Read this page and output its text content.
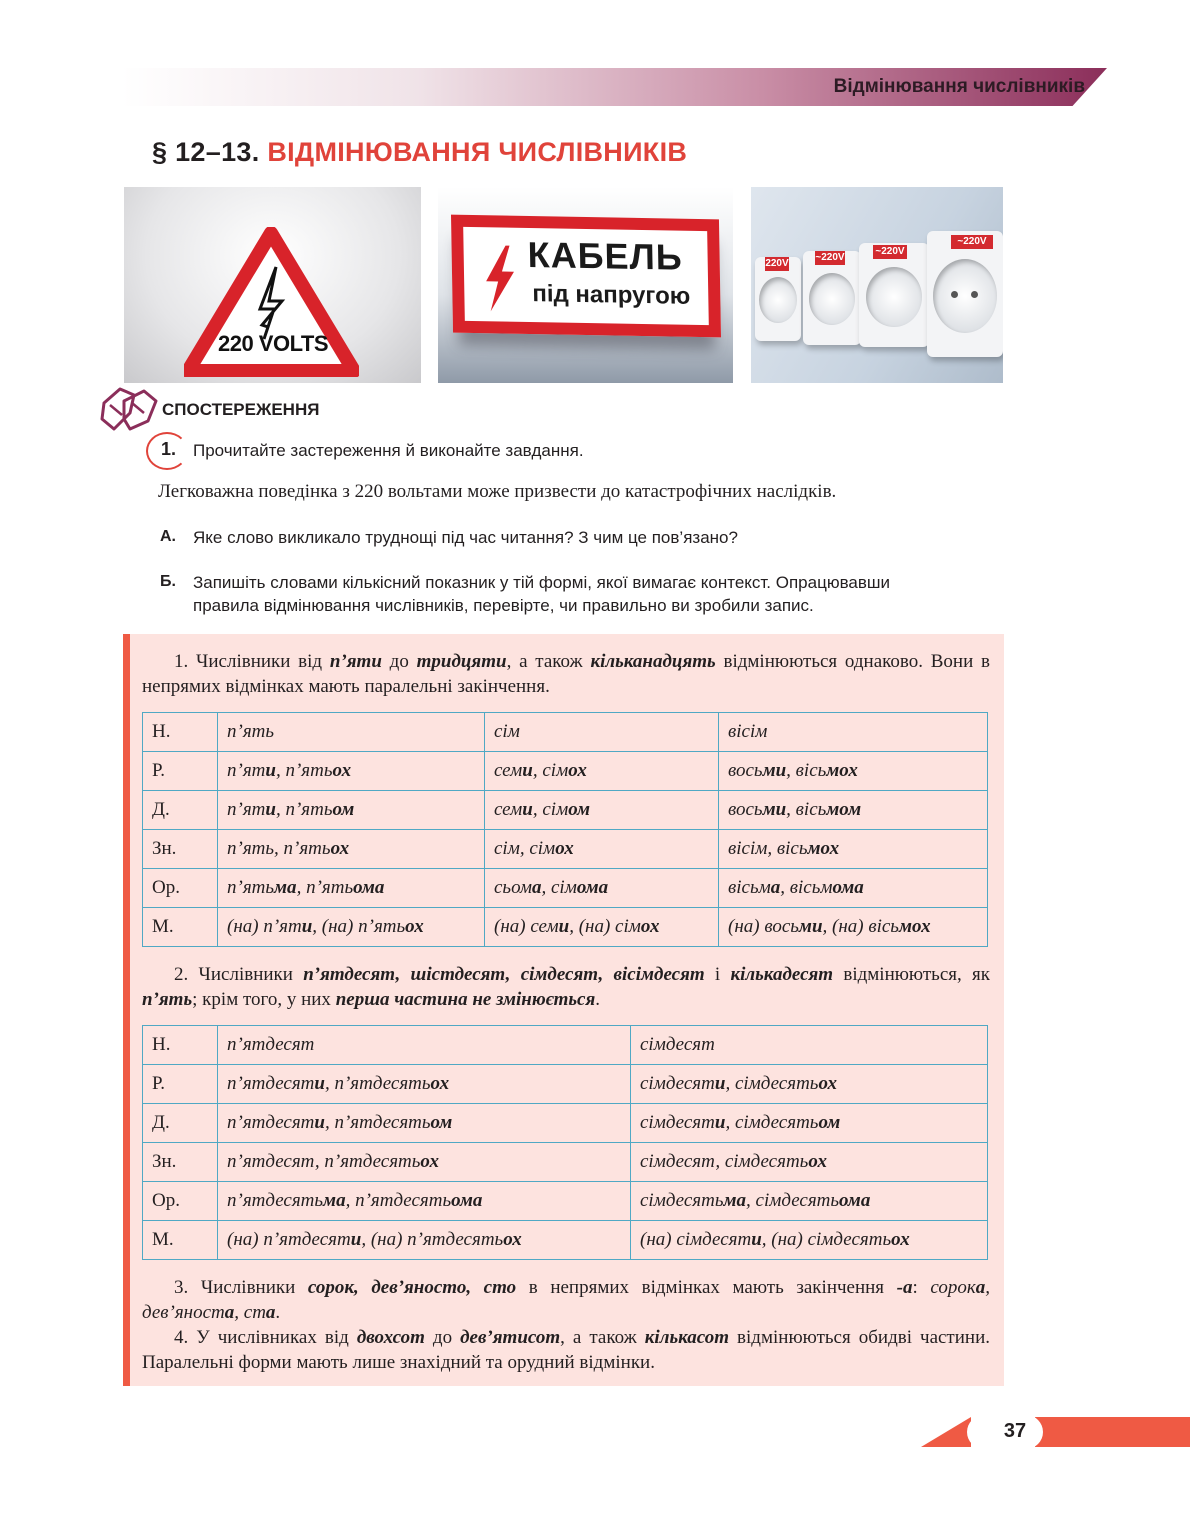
Відмінювання числівників
§ 12–13. ВІДМІНЮВАННЯ ЧИСЛІВНИКІВ
220 VOLTS
КАБЕЛЬ
під напругою
220V
~220V
~220V
~220V
СПОСТЕРЕЖЕННЯ
1. Прочитайте застереження й виконайте завдання.
Легковажна поведінка з 220 вольтами може призвести до катастрофічних наслідків.
А. Яке слово викликало труднощі під час читання? З чим це пов’язано?
Б. Запишіть словами кількісний показник у тій формі, якої вимагає контекст. Опрацювавши
правила відмінювання числівників, перевірте, чи правильно ви зробили запис.
1. Числівники від п’яти до тридцяти, а також кільканадцять відмінюються однаково. Вони в непрямих відмінках мають паралельні закінчення.
Н.	п’ять	сім	вісім
Р.	п’яти, п’ятьох	семи, сімох	восьми, вісьмох
Д.	п’яти, п’ятьом	семи, сімом	восьми, вісьмом
Зн.	п’ять, п’ятьох	сім, сімох	вісім, вісьмох
Ор.	п’ятьма, п’ятьома	сьома, сімома	вісьма, вісьмома
М.	(на) п’яти, (на) п’ятьох	(на) семи, (на) сімох	(на) восьми, (на) вісьмох
2. Числівники п’ятдесят, шістдесят, сімдесят, вісімдесят і кількадесят відмінюються, як п’ять; крім того, у них перша частина не змінюється.
Н.	п’ятдесят	сімдесят
Р.	п’ятдесяти, п’ятдесятьох	сімдесяти, сімдесятьох
Д.	п’ятдесяти, п’ятдесятьом	сімдесяти, сімдесятьом
Зн.	п’ятдесят, п’ятдесятьох	сімдесят, сімдесятьох
Ор.	п’ятдесятьма, п’ятдесятьома	сімдесятьма, сімдесятьома
М.	(на) п’ятдесяти, (на) п’ятдесятьох	(на) сімдесяти, (на) сімдесятьох
3. Числівники сорок, дев’яносто, сто в непрямих відмінках мають закінчення -а: сорока, дев’яноста, ста.
4. У числівниках від двохсот до дев’ятисот, а також кількасот відмінюються обидві частини. Паралельні форми мають лише знахідний та орудний відмінки.
37
